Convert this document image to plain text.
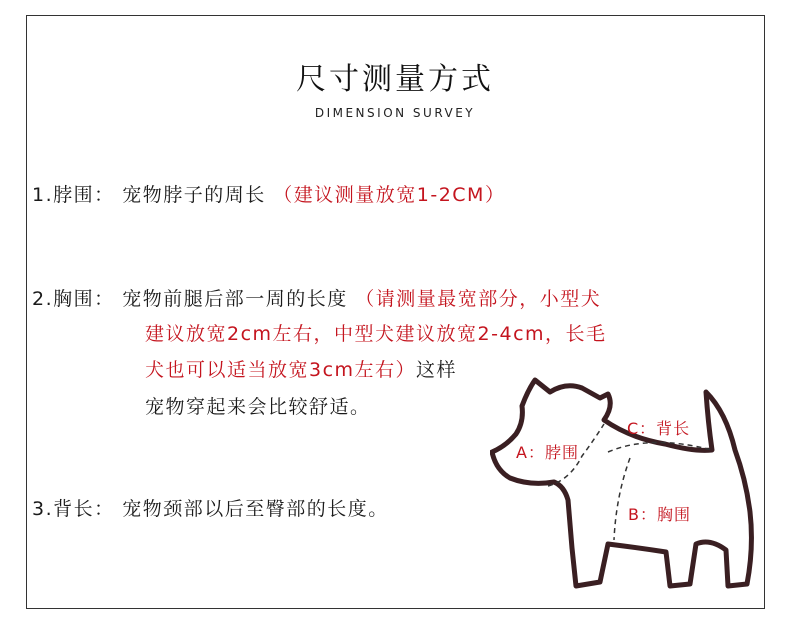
尺寸测量方式
DIMENSION SURVEY
1.脖围： 宠物脖子的周长 （建议测量放宽1-2CM）
2.胸围： 宠物前腿后部一周的长度 （请测量最宽部分，小型犬
建议放宽2cm左右，中型犬建议放宽2-4cm，长毛
犬也可以适当放宽3cm左右）这样
宠物穿起来会比较舒适。
3.背长： 宠物颈部以后至臀部的长度。
A：脖围
C：背长
B：胸围
